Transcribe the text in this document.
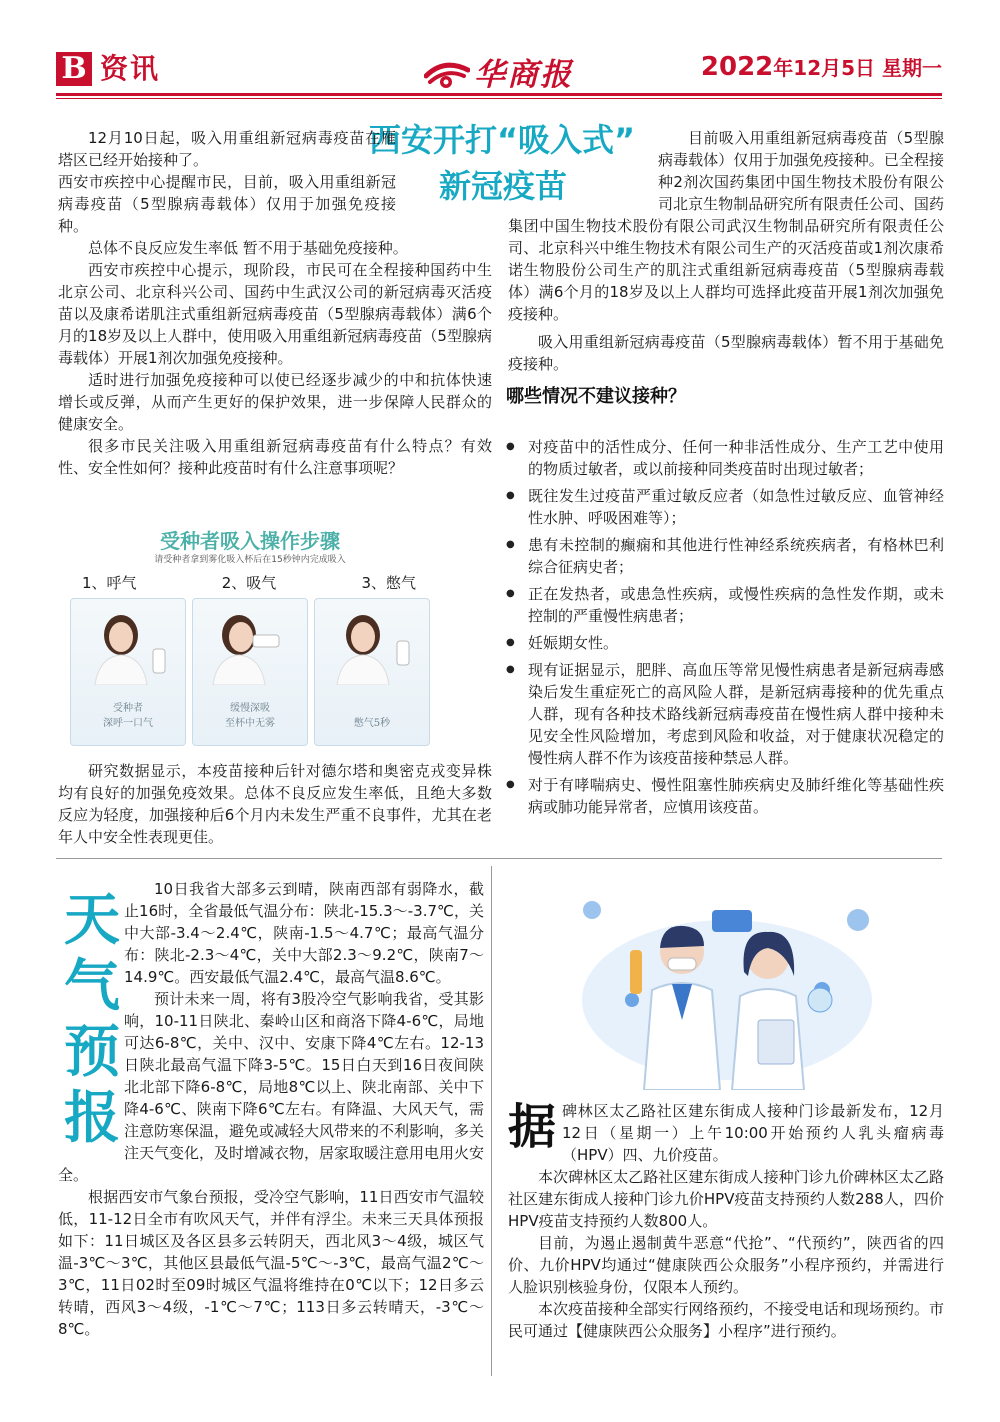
B 资讯	华商报	2022年12月5日 星期一
西安开打“吸入式”
新冠疫苗

12月10日起，吸入用重组新冠病毒疫苗在雁塔区已经开始接种了。

西安市疾控中心提醒市民，目前，吸入用重组新冠病毒疫苗（5型腺病毒载体）仅用于加强免疫接种。

总体不良反应发生率低 暂不用于基础免疫接种。

西安市疾控中心提示，现阶段，市民可在全程接种国药中生北京公司、北京科兴公司、国药中生武汉公司的新冠病毒灭活疫苗以及康希诺肌注式重组新冠病毒疫苗（5型腺病毒载体）满6个月的18岁及以上人群中，使用吸入用重组新冠病毒疫苗（5型腺病毒载体）开展1剂次加强免疫接种。

适时进行加强免疫接种可以使已经逐步减少的中和抗体快速增长或反弹，从而产生更好的保护效果，进一步保障人民群众的健康安全。

很多市民关注吸入用重组新冠病毒疫苗有什么特点？有效性、安全性如何？接种此疫苗时有什么注意事项呢？

受种者吸入操作步骤
请受种者拿到雾化吸入杯后在15秒钟内完成吸入
1、呼气	2、吸气	3、憋气
受种者
深呼一口气
缓慢深吸
至杯中无雾	憋气5秒

研究数据显示，本疫苗接种后针对德尔塔和奥密克戎变异株均有良好的加强免疫效果。总体不良反应发生率低，且绝大多数反应为轻度，加强接种后6个月内未发生严重不良事件，尤其在老年人中安全性表现更佳。

目前吸入用重组新冠病毒疫苗（5型腺病毒载体）仅用于加强免疫接种。已全程接种2剂次国药集团中国生物技术股份有限公司北京生物制品研究所有限责任公司、国药集团中国生物技术股份有限公司武汉生物制品研究所有限责任公司、北京科兴中维生物技术有限公司生产的灭活疫苗或1剂次康希诺生物股份公司生产的肌注式重组新冠病毒疫苗（5型腺病毒载体）满6个月的18岁及以上人群均可选择此疫苗开展1剂次加强免疫接种。

吸入用重组新冠病毒疫苗（5型腺病毒载体）暂不用于基础免疫接种。

哪些情况不建议接种？
● 对疫苗中的活性成分、任何一种非活性成分、生产工艺中使用的物质过敏者，或以前接种同类疫苗时出现过敏者；
● 既往发生过疫苗严重过敏反应者（如急性过敏反应、血管神经性水肿、呼吸困难等）；
● 患有未控制的癫痫和其他进行性神经系统疾病者，有格林巴利综合征病史者；
● 正在发热者，或患急性疾病，或慢性疾病的急性发作期，或未控制的严重慢性病患者；
● 妊娠期女性。
● 现有证据显示，肥胖、高血压等常见慢性病患者是新冠病毒感染后发生重症死亡的高风险人群，是新冠病毒接种的优先重点人群，现有各种技术路线新冠病毒疫苗在慢性病人群中接种未见安全性风险增加，考虑到风险和收益，对于健康状况稳定的慢性病人群不作为该疫苗接种禁忌人群。
● 对于有哮喘病史、慢性阻塞性肺疾病史及肺纤维化等基础性疾病或肺功能异常者，应慎用该疫苗。
天
气
预
报

10日我省大部多云到晴，陕南西部有弱降水，截止16时，全省最低气温分布：陕北-15.3～-3.7℃，关中大部-3.4～2.4℃，陕南-1.5～4.7℃；最高气温分布：陕北-2.3～4℃，关中大部2.3～9.2℃，陕南7～14.9℃。西安最低气温2.4℃，最高气温8.6℃。

预计未来一周，将有3股冷空气影响我省，受其影响，10-11日陕北、秦岭山区和商洛下降4-6℃，局地可达6-8℃，关中、汉中、安康下降4℃左右。12-13日陕北最高气温下降3-5℃。15日白天到16日夜间陕北北部下降6-8℃，局地8℃以上、陕北南部、关中下降4-6℃、陕南下降6℃左右。有降温、大风天气，需注意防寒保温，避免或减轻大风带来的不利影响，多关注天气变化，及时增减衣物，居家取暖注意用电用火安全。

根据西安市气象台预报，受冷空气影响，11日西安市气温较低，11-12日全市有吹风天气，并伴有浮尘。未来三天具体预报如下：11日城区及各区县多云转阴天，西北风3～4级，城区气温-3℃～3℃，其他区县最低气温-5℃～-3℃，最高气温2℃～3℃，11日02时至09时城区气温将维持在0℃以下；12日多云转晴，西风3～4级，-1℃～7℃；113日多云转晴天，-3℃～8℃。

据碑林区太乙路社区建东街成人接种门诊最新发布，12月12日（星期一）上午10:00开始预约人乳头瘤病毒（HPV）四、九价疫苗。

本次碑林区太乙路社区建东街成人接种门诊九价碑林区太乙路社区建东街成人接种门诊九价HPV疫苗支持预约人数288人，四价HPV疫苗支持预约人数800人。

目前，为遏止遏制黄牛恶意“代抢”、“代预约”，陕西省的四价、九价HPV均通过“健康陕西公众服务”小程序预约，并需进行人脸识别核验身份，仅限本人预约。

本次疫苗接种全部实行网络预约，不接受电话和现场预约。市民可通过【健康陕西公众服务】小程序”进行预约。
